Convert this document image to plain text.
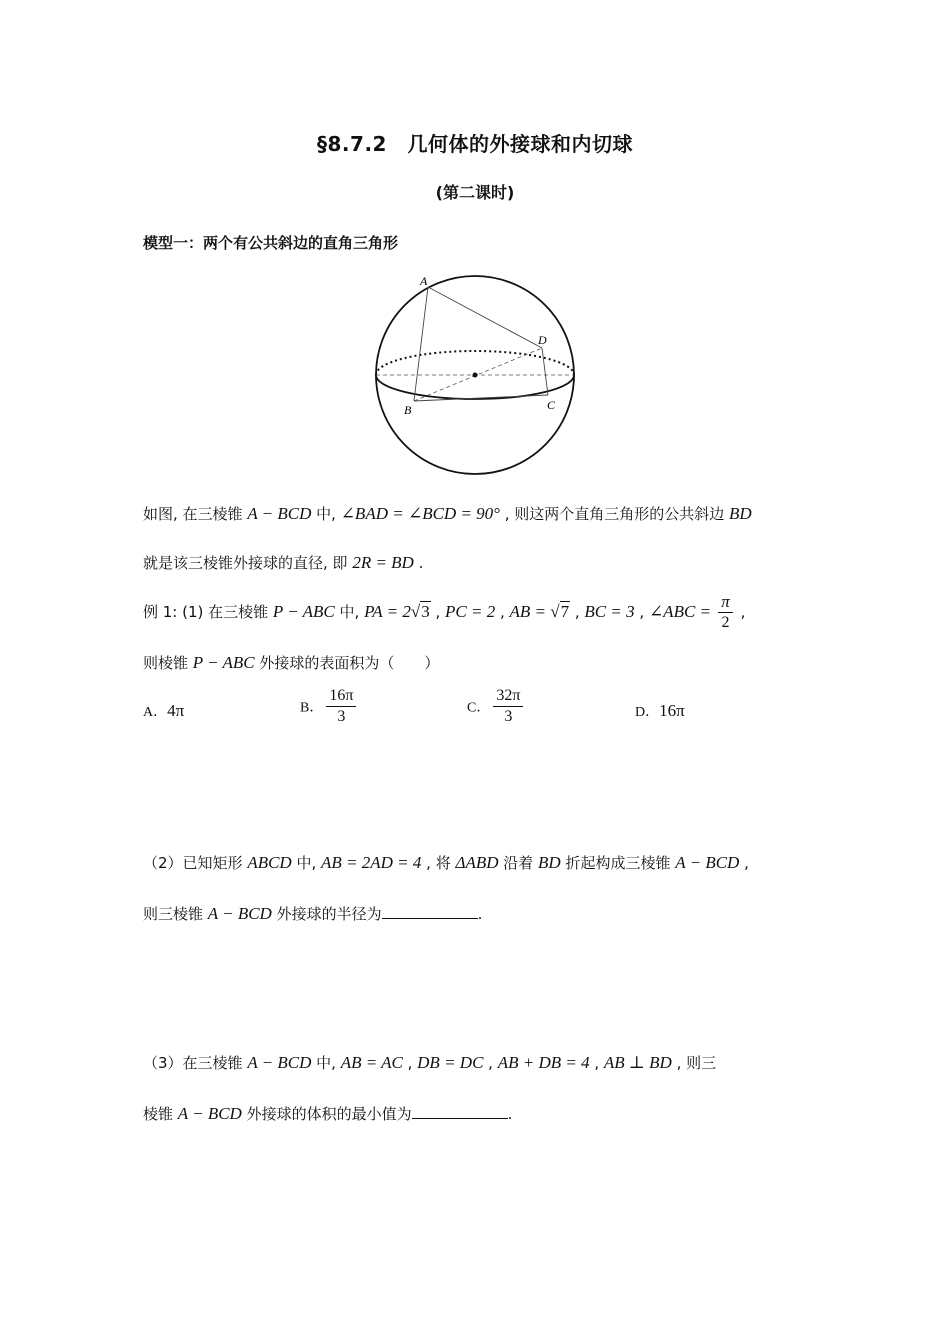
§8.7.2　几何体的外接球和内切球
(第二课时)
模型一：两个有公共斜边的直角三角形
A
D
B	C
如图, 在三棱锥 A − BCD 中, ∠BAD = ∠BCD = 90° , 则这两个直角三角形的公共斜边 BD
就是该三棱锥外接球的直径, 即 2R = BD .
例 1: (1) 在三棱锥 P − ABC 中, PA = 2√3 , PC = 2 , AB = √7 , BC = 3 , ∠ABC = $\frac{\pi}{2}$ ,
则棱锥 P − ABC 外接球的表面积为（　　）
A．4π	B． $\frac{16\pi}{3}$	C． $\frac{32\pi}{3}$	D．16π
（2）已知矩形 ABCD 中, AB = 2AD = 4 , 将 ΔABD 沿着 BD 折起构成三棱锥 A − BCD ,
则三棱锥 A − BCD 外接球的半径为	.
（3）在三棱锥 A − BCD 中, AB = AC , DB = DC , AB + DB = 4 , AB ⊥ BD , 则三
棱锥 A − BCD 外接球的体积的最小值为	.
